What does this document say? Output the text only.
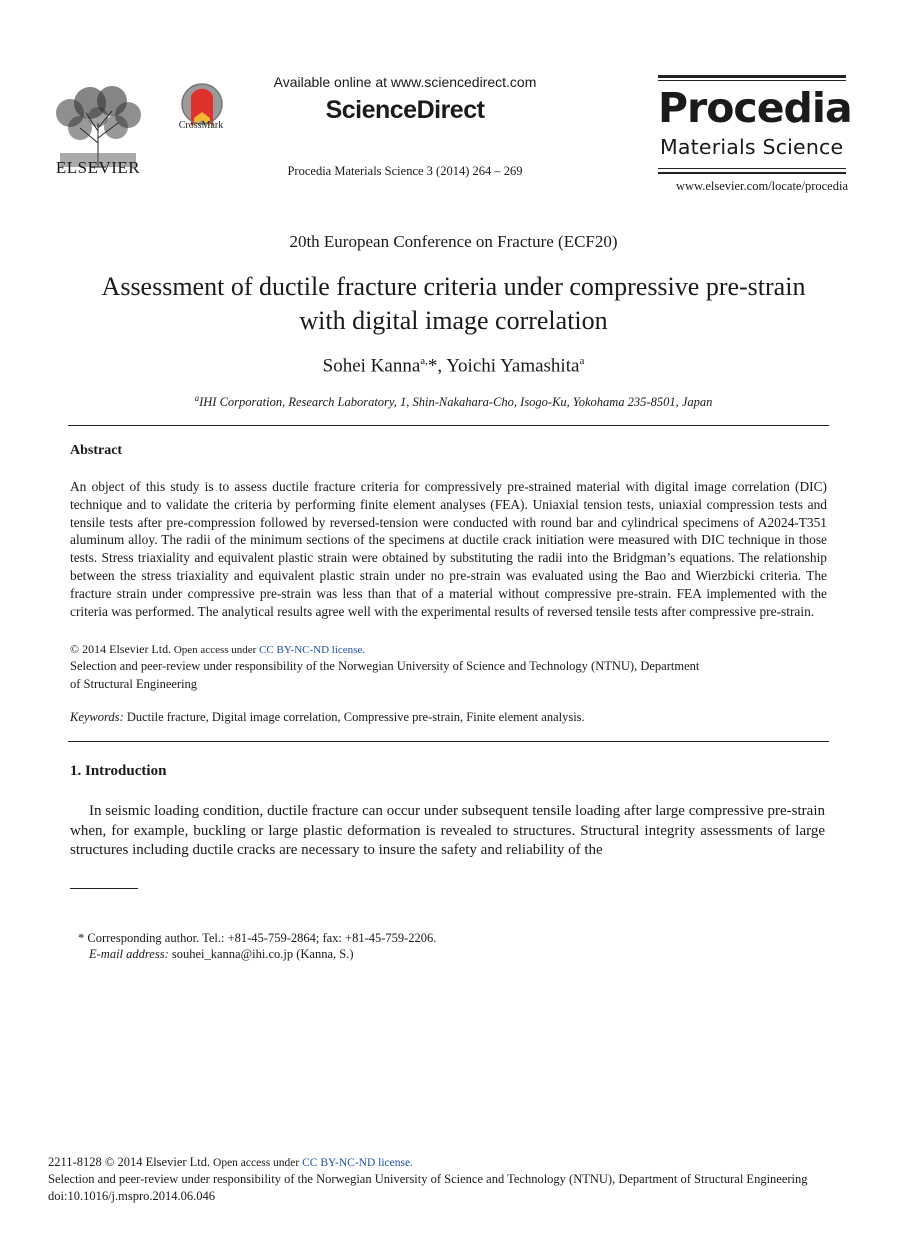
ELSEVIER
CrossMark
Available online at www.sciencedirect.com
ScienceDirect
Procedia Materials Science 3 (2014) 264 – 269
Procedia
Materials Science
www.elsevier.com/locate/procedia
20th European Conference on Fracture (ECF20)
Assessment of ductile fracture criteria under compressive pre-strain
with digital image correlation
Sohei Kanna$^{a,}$*, Yoichi Yamashita$^a$
$^a$IHI Corporation, Research Laboratory, 1, Shin-Nakahara-Cho, Isogo-Ku, Yokohama 235-8501, Japan
Abstract
An object of this study is to assess ductile fracture criteria for compressively pre-strained material with digital image correlation (DIC) technique and to validate the criteria by performing finite element analyses (FEA). Uniaxial tension tests, uniaxial compression tests and tensile tests after pre-compression followed by reversed-tension were conducted with round bar and cylindrical specimens of A2024-T351 aluminum alloy. The radii of the minimum sections of the specimens at ductile crack initiation were measured with DIC technique in those tests. Stress triaxiality and equivalent plastic strain were obtained by substituting the radii into the Bridgman’s equations. The relationship between the stress triaxiality and equivalent plastic strain under no pre-strain was evaluated using the Bao and Wierzbicki criteria. The fracture strain under compressive pre-strain was less than that of a material without compressive pre-strain. FEA implemented with the criteria was performed. The analytical results agree well with the experimental results of reversed tensile tests after compressive pre-strain.
© 2014 Elsevier Ltd. Open access under CC BY-NC-ND license.
Selection and peer-review under responsibility of the Norwegian University of Science and Technology (NTNU), Department
of Structural Engineering
Keywords: Ductile fracture, Digital image correlation, Compressive pre-strain, Finite element analysis.
1. Introduction
In seismic loading condition, ductile fracture can occur under subsequent tensile loading after large compressive pre-strain when, for example, buckling or large plastic deformation is revealed to structures. Structural integrity assessments of large structures including ductile cracks are necessary to insure the safety and reliability of the
* Corresponding author. Tel.: +81-45-759-2864; fax: +81-45-759-2206.
E-mail address: souhei_kanna@ihi.co.jp (Kanna, S.)
2211-8128 © 2014 Elsevier Ltd. Open access under CC BY-NC-ND license.
Selection and peer-review under responsibility of the Norwegian University of Science and Technology (NTNU), Department of Structural Engineering
doi:10.1016/j.mspro.2014.06.046
